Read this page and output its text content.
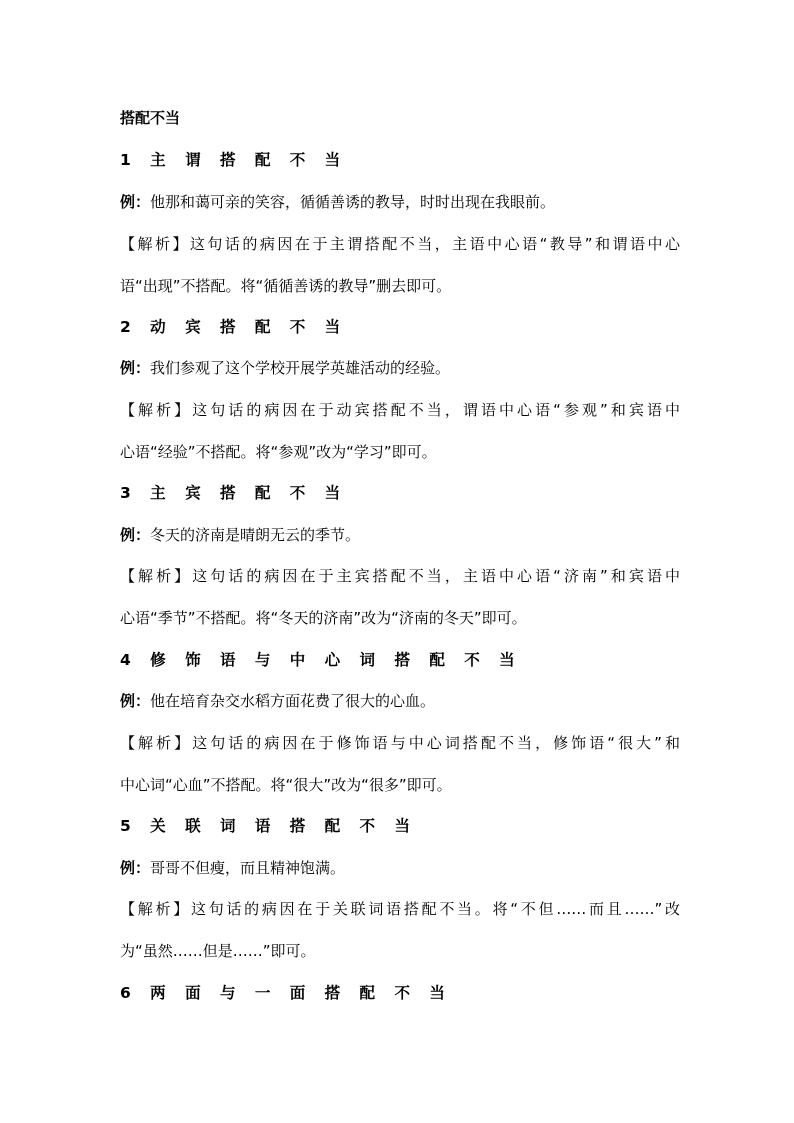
搭配不当
1 主 谓 搭 配 不 当
例：他那和蔼可亲的笑容，循循善诱的教导，时时出现在我眼前。
【解析】这句话的病因在于主谓搭配不当，主语中心语“教导”和谓语中心
语“出现”不搭配。将“循循善诱的教导”删去即可。
2 动 宾 搭 配 不 当
例：我们参观了这个学校开展学英雄活动的经验。
【解析】这句话的病因在于动宾搭配不当，谓语中心语“参观”和宾语中
心语“经验”不搭配。将“参观”改为“学习”即可。
3 主 宾 搭 配 不 当
例：冬天的济南是晴朗无云的季节。
【解析】这句话的病因在于主宾搭配不当，主语中心语“济南”和宾语中
心语“季节”不搭配。将“冬天的济南”改为“济南的冬天”即可。
4 修 饰 语 与 中 心 词 搭 配 不 当
例：他在培育杂交水稻方面花费了很大的心血。
【解析】这句话的病因在于修饰语与中心词搭配不当，修饰语“很大”和
中心词“心血”不搭配。将“很大”改为“很多”即可。
5 关 联 词 语 搭 配 不 当
例：哥哥不但瘦，而且精神饱满。
【解析】这句话的病因在于关联词语搭配不当。将“不但……而且……”改
为“虽然……但是……”即可。
6 两 面 与 一 面 搭 配 不 当
